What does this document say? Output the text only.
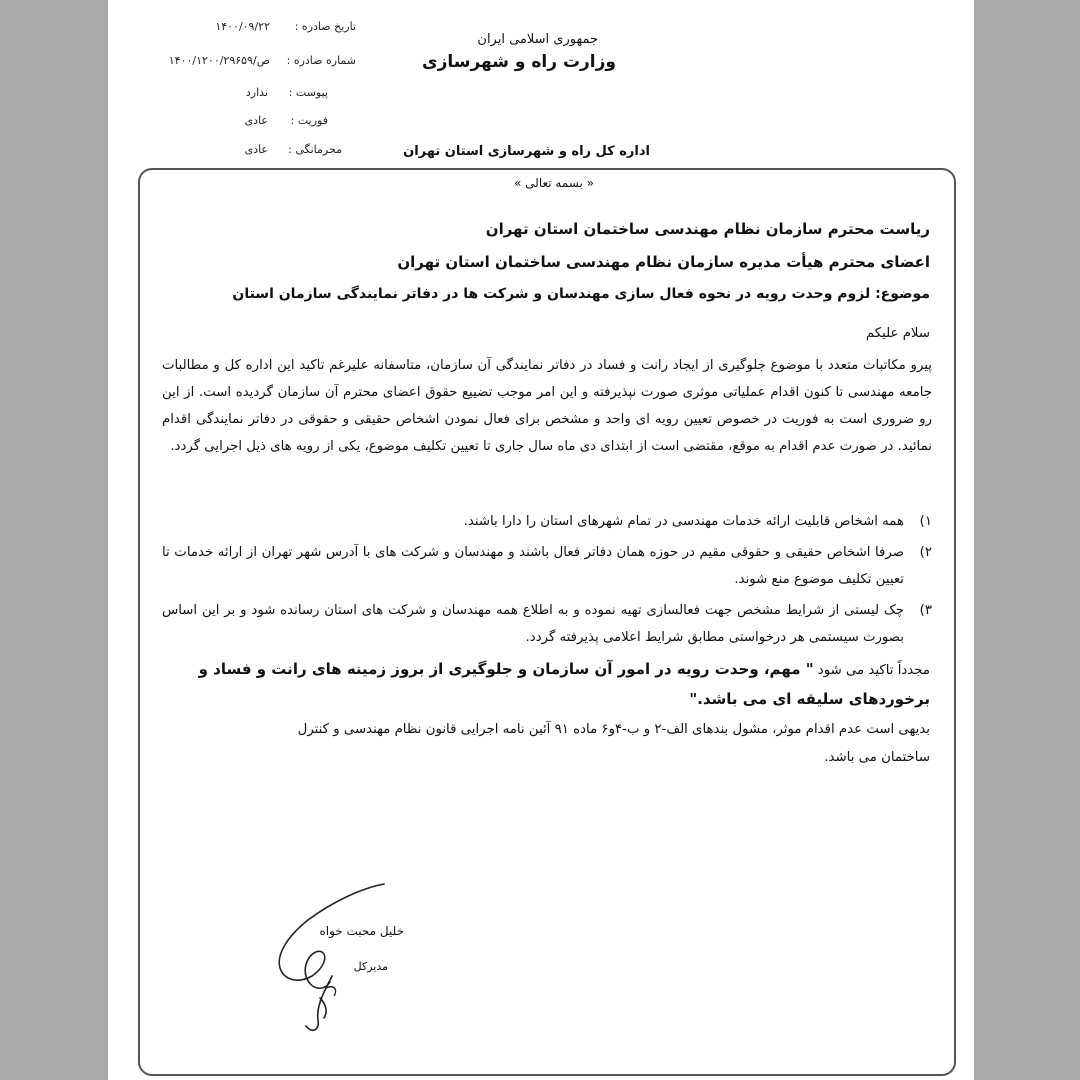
جمهوری اسلامی ایران
وزارت راه و شهرسازی
اداره کل راه و شهرسازی استان تهران
تاریخ صادره :
۱۴۰۰/۰۹/۲۲
شماره صادره :
۱۴۰۰/۱۲۰۰/۲۹۶۵۹/ص
پیوست :
ندارد
فوریت :
عادی
محرمانگی :
عادی
« بسمه تعالی »
ریاست محترم سازمان نظام مهندسی ساختمان استان تهران
اعضای محترم هیأت مدیره سازمان نظام مهندسی ساختمان استان تهران
موضوع: لزوم وحدت رویه در نحوه فعال سازی مهندسان و شرکت ها در دفاتر نمایندگی سازمان استان
سلام علیکم
پیرو مکاتبات متعدد با موضوع جلوگیری از ایجاد رانت و فساد در دفاتر نمایندگی آن سازمان، متاسفانه علیرغم تاکید این اداره کل و مطالبات جامعه مهندسی تا کنون اقدام عملیاتی موثری صورت نپذیرفته و این امر موجب تضییع حقوق اعضای محترم آن سازمان گردیده است. از این رو ضروری است به فوریت در خصوص تعیین رویه ای واحد و مشخص برای فعال نمودن اشخاص حقیقی و حقوقی در دفاتر نمایندگی اقدام نمائید. در صورت عدم اقدام به موقع، مقتضی است از ابتدای دی ماه سال جاری تا تعیین تکلیف موضوع، یکی از رویه های ذیل اجرایی گردد.
۱)
همه اشخاص قابلیت ارائه خدمات مهندسی در تمام شهرهای استان را دارا باشند.
۲)
صرفا اشخاص حقیقی و حقوقی مقیم در حوزه همان دفاتر فعال باشند و مهندسان و شرکت های با آدرس شهر تهران از ارائه خدمات تا تعیین تکلیف موضوع منع شوند.
۳)
چک لیستی از شرایط مشخص جهت فعالسازی تهیه نموده و به اطلاع همه مهندسان و شرکت های استان رسانده شود و بر این اساس بصورت سیستمی هر درخواستی مطابق شرایط اعلامی پذیرفته گردد.
مجدداً تاکید می شود " مهم، وحدت رویه در امور آن سازمان و جلوگیری از بروز زمینه های رانت و فساد و
برخوردهای سلیقه ای می باشد."
بدیهی است عدم اقدام موثر، مشول بندهای الف-۲ و ب-۴و۶ ماده ۹۱ آئین نامه اجرایی قانون نظام مهندسی و کنترل
ساختمان می باشد.
خلیل محبت خواه
مدیرکل
